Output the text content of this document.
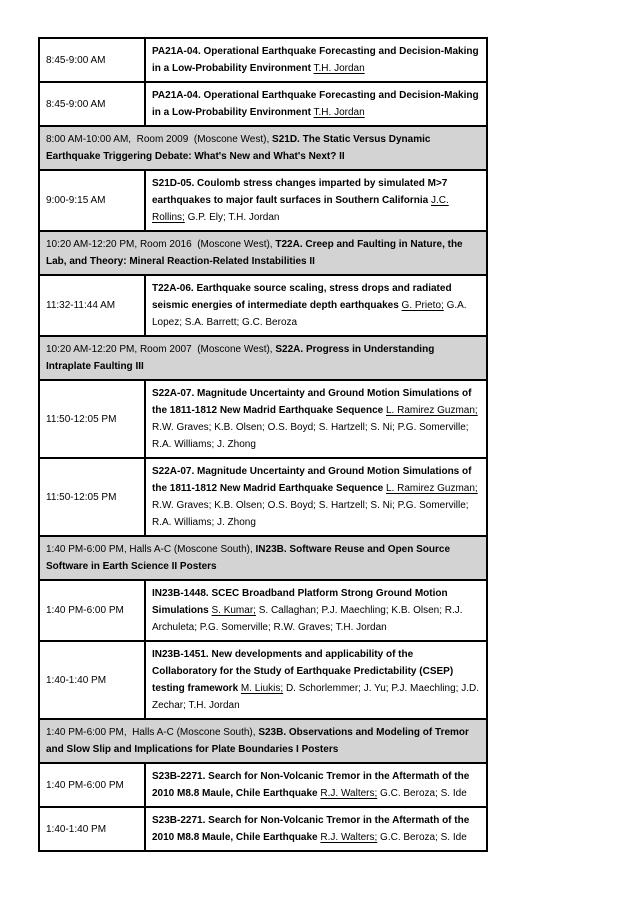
8:45-9:00 AM	PA21A-04. Operational Earthquake Forecasting and Decision-Making in a Low-Probability Environment T.H. Jordan
8:45-9:00 AM	PA21A-04. Operational Earthquake Forecasting and Decision-Making in a Low-Probability Environment T.H. Jordan
8:00 AM-10:00 AM,  Room 2009  (Moscone West), S21D. The Static Versus Dynamic Earthquake Triggering Debate: What's New and What's Next? II	
9:00-9:15 AM	S21D-05. Coulomb stress changes imparted by simulated M>7 earthquakes to major fault surfaces in Southern California J.C. Rollins; G.P. Ely; T.H. Jordan
10:20 AM-12:20 PM, Room 2016  (Moscone West), T22A. Creep and Faulting in Nature, the Lab, and Theory: Mineral Reaction-Related Instabilities II	
11:32-11:44 AM	T22A-06. Earthquake source scaling, stress drops and radiated seismic energies of intermediate depth earthquakes G. Prieto; G.A. Lopez; S.A. Barrett; G.C. Beroza
10:20 AM-12:20 PM, Room 2007  (Moscone West), S22A. Progress in Understanding Intraplate Faulting III	
11:50-12:05 PM	S22A-07. Magnitude Uncertainty and Ground Motion Simulations of the 1811-1812 New Madrid Earthquake Sequence L. Ramirez Guzman; R.W. Graves; K.B. Olsen; O.S. Boyd; S. Hartzell; S. Ni; P.G. Somerville; R.A. Williams; J. Zhong
11:50-12:05 PM	S22A-07. Magnitude Uncertainty and Ground Motion Simulations of the 1811-1812 New Madrid Earthquake Sequence L. Ramirez Guzman; R.W. Graves; K.B. Olsen; O.S. Boyd; S. Hartzell; S. Ni; P.G. Somerville; R.A. Williams; J. Zhong
1:40 PM-6:00 PM, Halls A-C (Moscone South), IN23B. Software Reuse and Open Source Software in Earth Science II Posters	
1:40 PM-6:00 PM	IN23B-1448. SCEC Broadband Platform Strong Ground Motion Simulations S. Kumar; S. Callaghan; P.J. Maechling; K.B. Olsen; R.J. Archuleta; P.G. Somerville; R.W. Graves; T.H. Jordan
1:40-1:40 PM	IN23B-1451. New developments and applicability of the Collaboratory for the Study of Earthquake Predictability (CSEP) testing framework M. Liukis; D. Schorlemmer; J. Yu; P.J. Maechling; J.D. Zechar; T.H. Jordan
1:40 PM-6:00 PM,  Halls A-C (Moscone South), S23B. Observations and Modeling of Tremor and Slow Slip and Implications for Plate Boundaries I Posters	
1:40 PM-6:00 PM	S23B-2271. Search for Non-Volcanic Tremor in the Aftermath of the 2010 M8.8 Maule, Chile Earthquake R.J. Walters; G.C. Beroza; S. Ide
1:40-1:40 PM	S23B-2271. Search for Non-Volcanic Tremor in the Aftermath of the 2010 M8.8 Maule, Chile Earthquake R.J. Walters; G.C. Beroza; S. Ide
